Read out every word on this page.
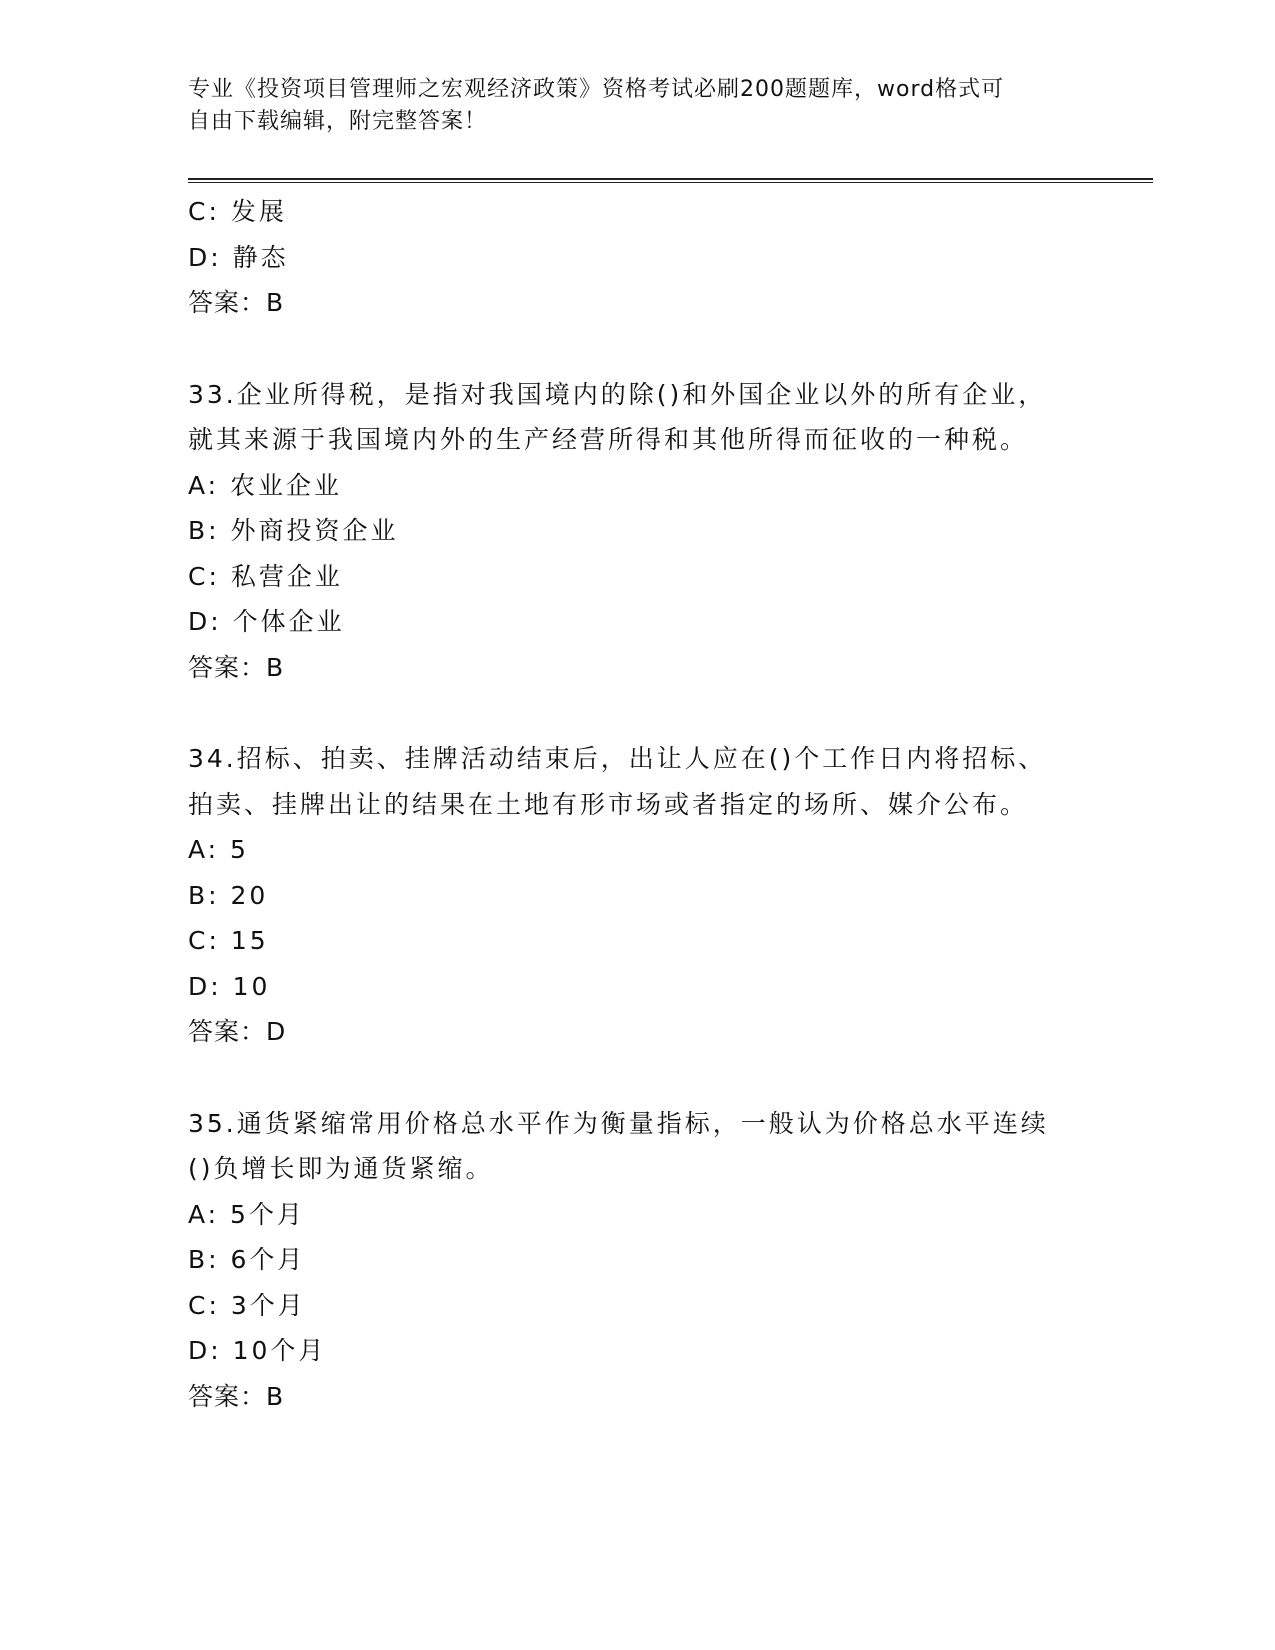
专业《投资项目管理师之宏观经济政策》资格考试必刷200题题库，word格式可
自由下载编辑，附完整答案！
C: 发展
D: 静态
答案：B
33.企业所得税，是指对我国境内的除()和外国企业以外的所有企业，
就其来源于我国境内外的生产经营所得和其他所得而征收的一种税。
A: 农业企业
B: 外商投资企业
C: 私营企业
D: 个体企业
答案：B
34.招标、拍卖、挂牌活动结束后，出让人应在()个工作日内将招标、
拍卖、挂牌出让的结果在土地有形市场或者指定的场所、媒介公布。
A: 5
B: 20
C: 15
D: 10
答案：D
35.通货紧缩常用价格总水平作为衡量指标，一般认为价格总水平连续
()负增长即为通货紧缩。
A: 5个月
B: 6个月
C: 3个月
D: 10个月
答案：B
